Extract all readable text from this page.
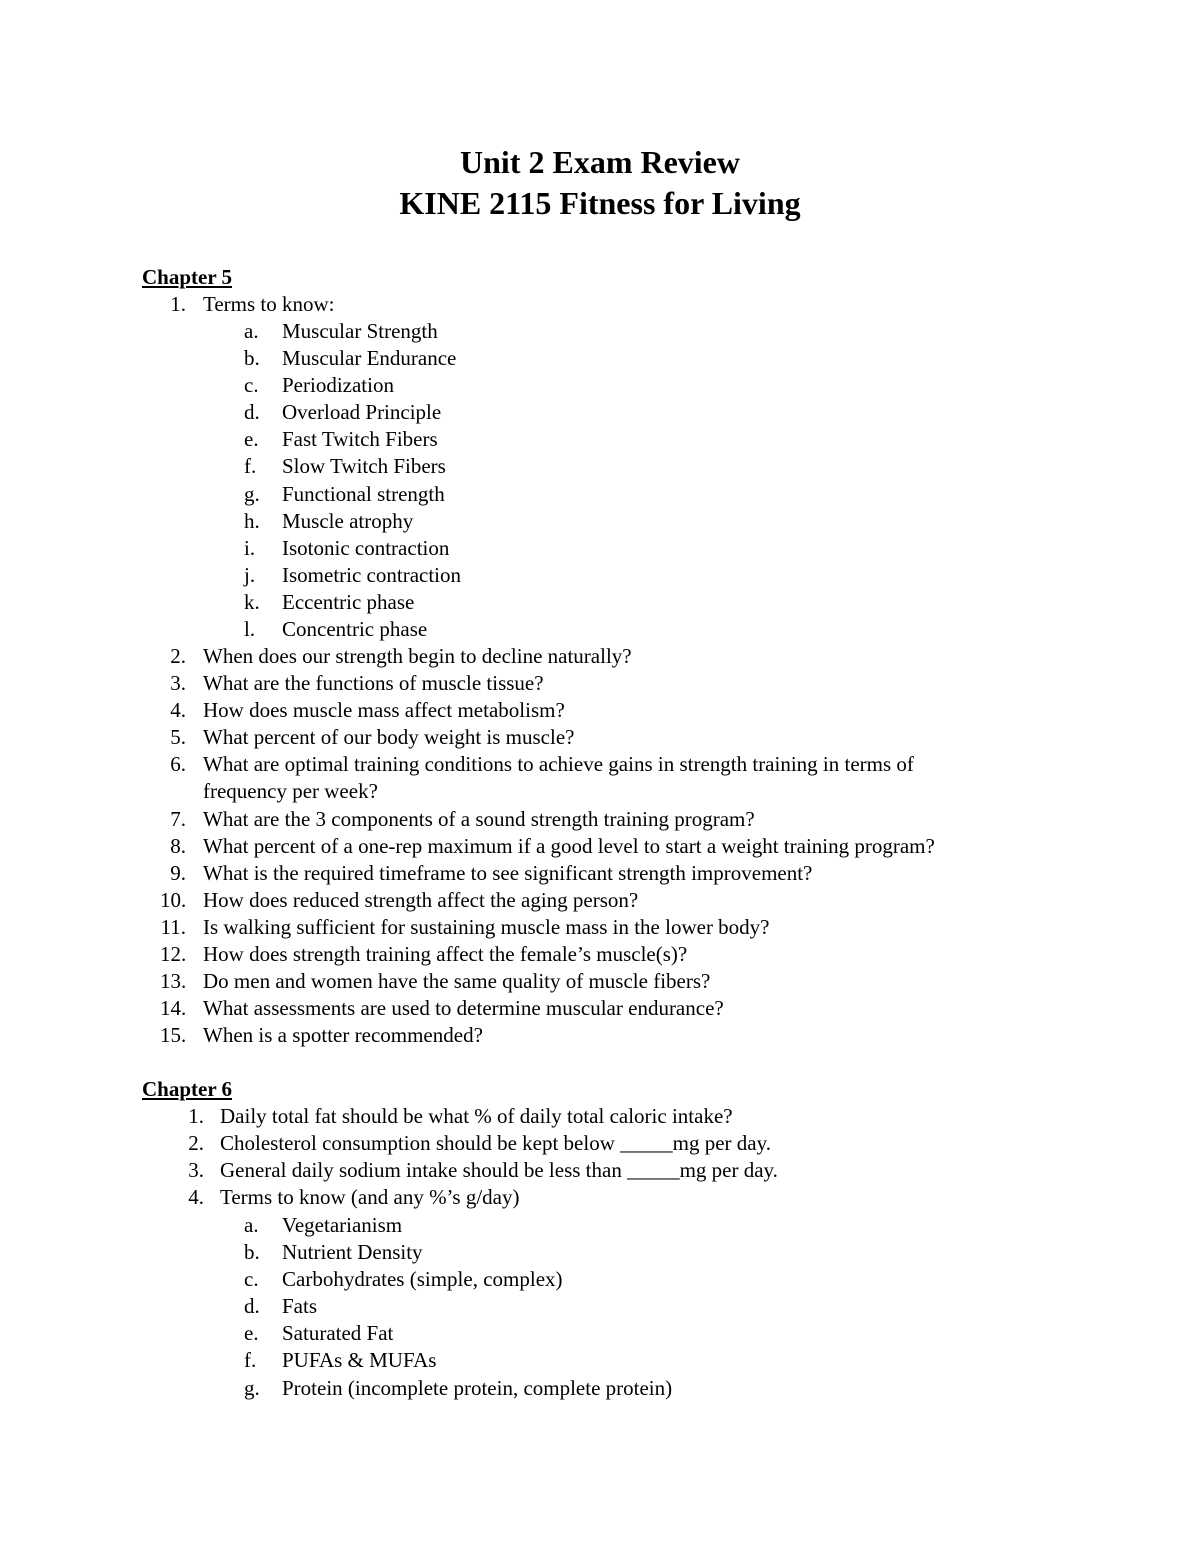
Unit 2 Exam Review
KINE 2115 Fitness for Living
Chapter 5
1. Terms to know:
a. Muscular Strength
b. Muscular Endurance
c. Periodization
d. Overload Principle
e. Fast Twitch Fibers
f.	Slow Twitch Fibers
g. Functional strength
h. Muscle atrophy
i.	Isotonic contraction
j.	Isometric contraction
k. Eccentric phase
l.	Concentric phase
2. When does our strength begin to decline naturally?
3. What are the functions of muscle tissue?
4. How does muscle mass affect metabolism?
5. What percent of our body weight is muscle?
6. What are optimal training conditions to achieve gains in strength training in terms of
frequency per week?
7. What are the 3 components of a sound strength training program?
8. What percent of a one-rep maximum if a good level to start a weight training program?
9. What is the required timeframe to see significant strength improvement?
10. How does reduced strength affect the aging person?
11. Is walking sufficient for sustaining muscle mass in the lower body?
12. How does strength training affect the female’s muscle(s)?
13. Do men and women have the same quality of muscle fibers?
14. What assessments are used to determine muscular endurance?
15. When is a spotter recommended?
Chapter 6
1. Daily total fat should be what % of daily total caloric intake?
2. Cholesterol consumption should be kept below _____mg per day.
3. General daily sodium intake should be less than _____mg per day.
4. Terms to know (and any %’s g/day)
a. Vegetarianism
b. Nutrient Density
c. Carbohydrates (simple, complex)
d. Fats
e. Saturated Fat
f.	PUFAs & MUFAs
g. Protein (incomplete protein, complete protein)
